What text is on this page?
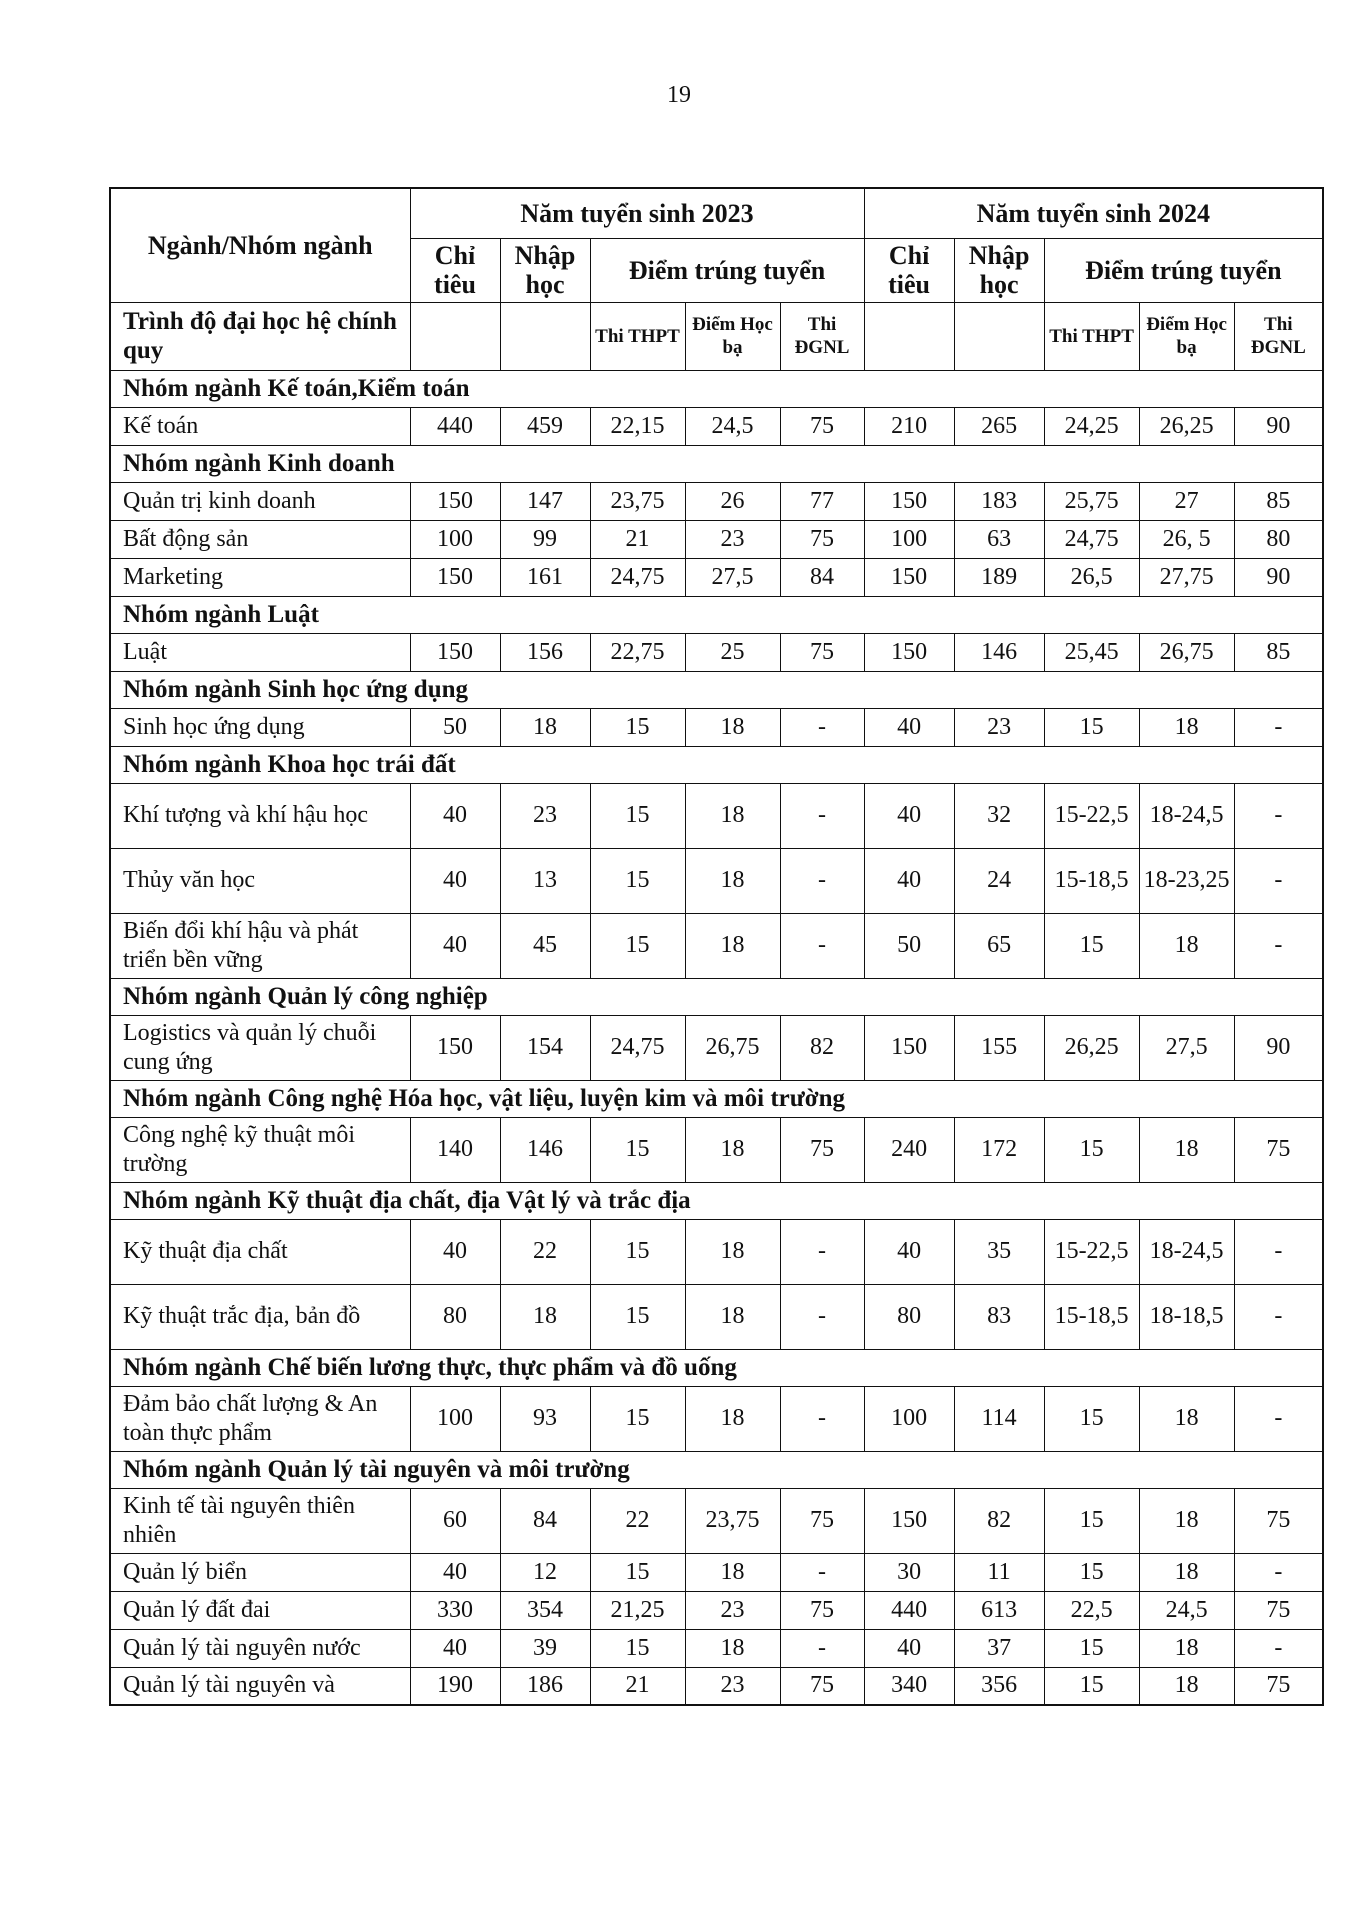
19
Ngành/Nhóm ngành	Năm tuyển sinh 2023					Năm tuyển sinh 2024				
	Chỉ tiêu	Nhập học	Điểm trúng tuyển			Chỉ tiêu	Nhập học	Điểm trúng tuyển		
Trình độ đại học hệ chính quy			Thi THPT	Điểm Học bạ	Thi ĐGNL			Thi THPT	Điểm Học bạ	Thi ĐGNL
Nhóm ngành Kế toán,Kiểm toán										
Kế toán	440	459	22,15	24,5	75	210	265	24,25	26,25	90
Nhóm ngành Kinh doanh										
Quản trị kinh doanh	150	147	23,75	26	77	150	183	25,75	27	85
Bất động sản	100	99	21	23	75	100	63	24,75	26, 5	80
Marketing	150	161	24,75	27,5	84	150	189	26,5	27,75	90
Nhóm ngành Luật										
Luật	150	156	22,75	25	75	150	146	25,45	26,75	85
Nhóm ngành Sinh học ứng dụng										
Sinh học ứng dụng	50	18	15	18	-	40	23	15	18	-
Nhóm ngành Khoa học trái đất										
Khí tượng và khí hậu học	40	23	15	18	-	40	32	15-22,5	18-24,5	-
Thủy văn học	40	13	15	18	-	40	24	15-18,5	18-23,25	-
Biến đổi khí hậu và phát triển bền vững	40	45	15	18	-	50	65	15	18	-
Nhóm ngành Quản lý công nghiệp										
Logistics và quản lý chuỗi cung ứng	150	154	24,75	26,75	82	150	155	26,25	27,5	90
Nhóm ngành Công nghệ Hóa học, vật liệu, luyện kim và môi trường										
Công nghệ kỹ thuật môi trường	140	146	15	18	75	240	172	15	18	75
Nhóm ngành Kỹ thuật địa chất, địa Vật lý và trắc địa										
Kỹ thuật địa chất	40	22	15	18	-	40	35	15-22,5	18-24,5	-
Kỹ thuật trắc địa, bản đồ	80	18	15	18	-	80	83	15-18,5	18-18,5	-
Nhóm ngành Chế biến lương thực, thực phẩm và đồ uống										
Đảm bảo chất lượng & An toàn thực phẩm	100	93	15	18	-	100	114	15	18	-
Nhóm ngành Quản lý tài nguyên và môi trường										
Kinh tế tài nguyên thiên nhiên	60	84	22	23,75	75	150	82	15	18	75
Quản lý biển	40	12	15	18	-	30	11	15	18	-
Quản lý đất đai	330	354	21,25	23	75	440	613	22,5	24,5	75
Quản lý tài nguyên nước	40	39	15	18	-	40	37	15	18	-
Quản lý tài nguyên và	190	186	21	23	75	340	356	15	18	75
